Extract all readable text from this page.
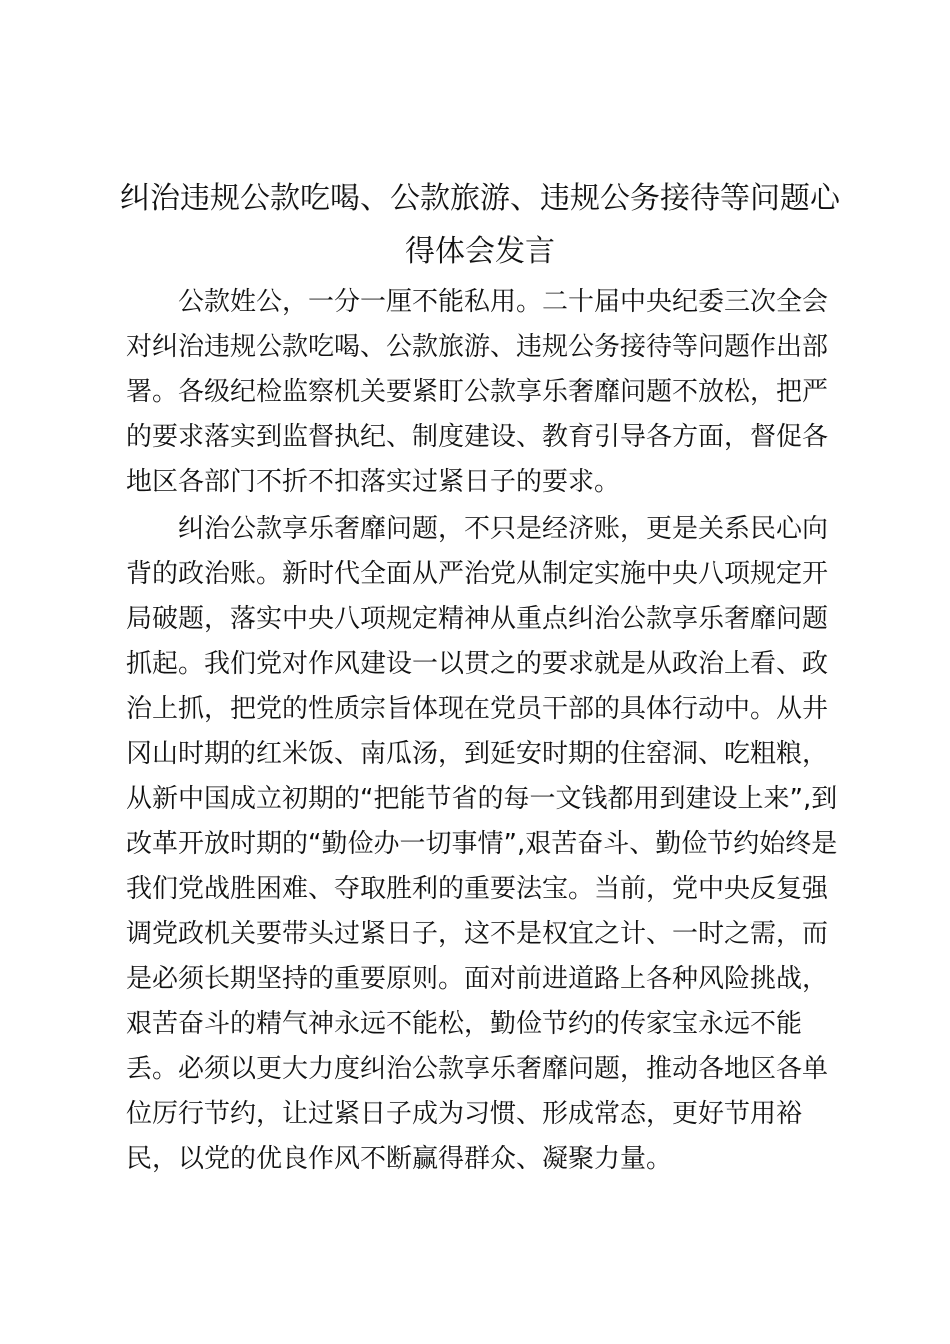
纠治违规公款吃喝、公款旅游、违规公务接待等问题心
得体会发言

公款姓公，一分一厘不能私用。二十届中央纪委三次全会
对纠治违规公款吃喝、公款旅游、违规公务接待等问题作出部
署。各级纪检监察机关要紧盯公款享乐奢靡问题不放松，把严
的要求落实到监督执纪、制度建设、教育引导各方面，督促各
地区各部门不折不扣落实过紧日子的要求。

纠治公款享乐奢靡问题，不只是经济账，更是关系民心向
背的政治账。新时代全面从严治党从制定实施中央八项规定开
局破题，落实中央八项规定精神从重点纠治公款享乐奢靡问题
抓起。我们党对作风建设一以贯之的要求就是从政治上看、政
治上抓，把党的性质宗旨体现在党员干部的具体行动中。从井
冈山时期的红米饭、南瓜汤，到延安时期的住窑洞、吃粗粮，
从新中国成立初期的“把能节省的每一文钱都用到建设上来”,到
改革开放时期的“勤俭办一切事情”,艰苦奋斗、勤俭节约始终是
我们党战胜困难、夺取胜利的重要法宝。当前，党中央反复强
调党政机关要带头过紧日子，这不是权宜之计、一时之需，而
是必须长期坚持的重要原则。面对前进道路上各种风险挑战，
艰苦奋斗的精气神永远不能松，勤俭节约的传家宝永远不能
丢。必须以更大力度纠治公款享乐奢靡问题，推动各地区各单
位厉行节约，让过紧日子成为习惯、形成常态，更好节用裕
民，以党的优良作风不断赢得群众、凝聚力量。
